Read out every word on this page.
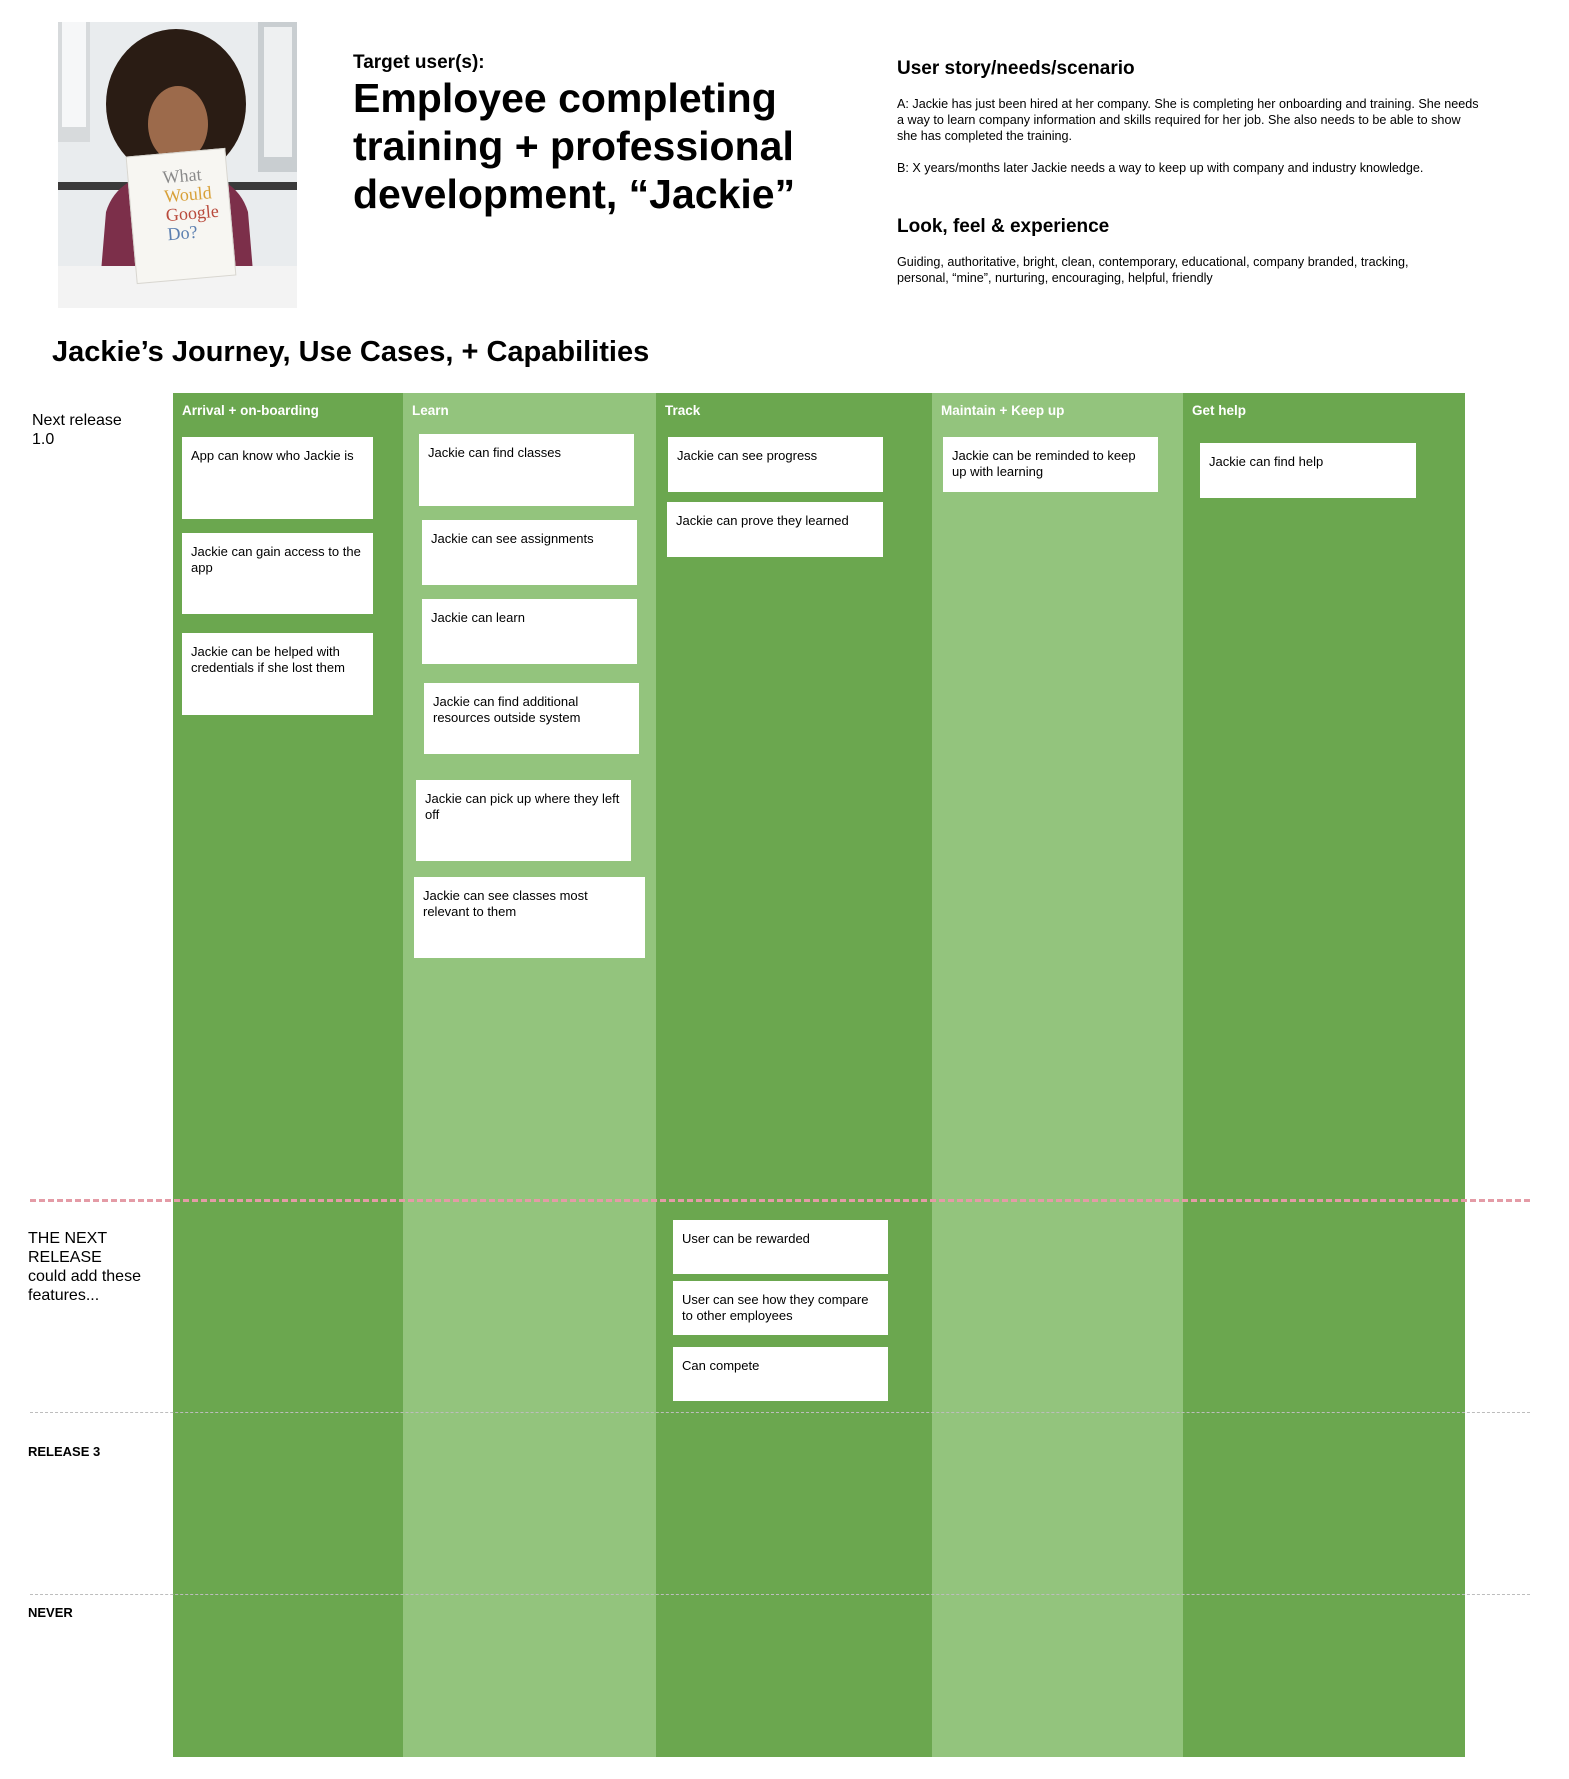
What
Would
Google
Do?
Target user(s):
Employee completing training + professional development, “Jackie”
User story/needs/scenario

A: Jackie has just been hired at her company. She is completing her onboarding and training. She needs a way to learn company information and skills required for her job. She also needs to be able to show she has completed the training.

B: X years/months later Jackie needs a way to keep up with company and industry knowledge.

Look, feel & experience
Guiding, authoritative, bright, clean, contemporary, educational, company branded, tracking, personal, “mine”, nurturing, encouraging, helpful, friendly
Jackie’s Journey, Use Cases, + Capabilities
Arrival + on-boarding	Learn	Track	Maintain + Keep up	Get help
App can know who Jackie is
Jackie can gain access to the app
Jackie can be helped with credentials if she lost them
Jackie can find classes
Jackie can see assignments
Jackie can learn
Jackie can find additional resources outside system
Jackie can pick up where they left off
Jackie can see classes most relevant to them
Jackie can see progress
Jackie can prove they learned
User can be rewarded
User can see how they compare to other employees
Can compete
Jackie can be reminded to keep up with learning
Jackie can find help
Next release
1.0
THE NEXT
RELEASE
could add these
features...
RELEASE 3
NEVER
